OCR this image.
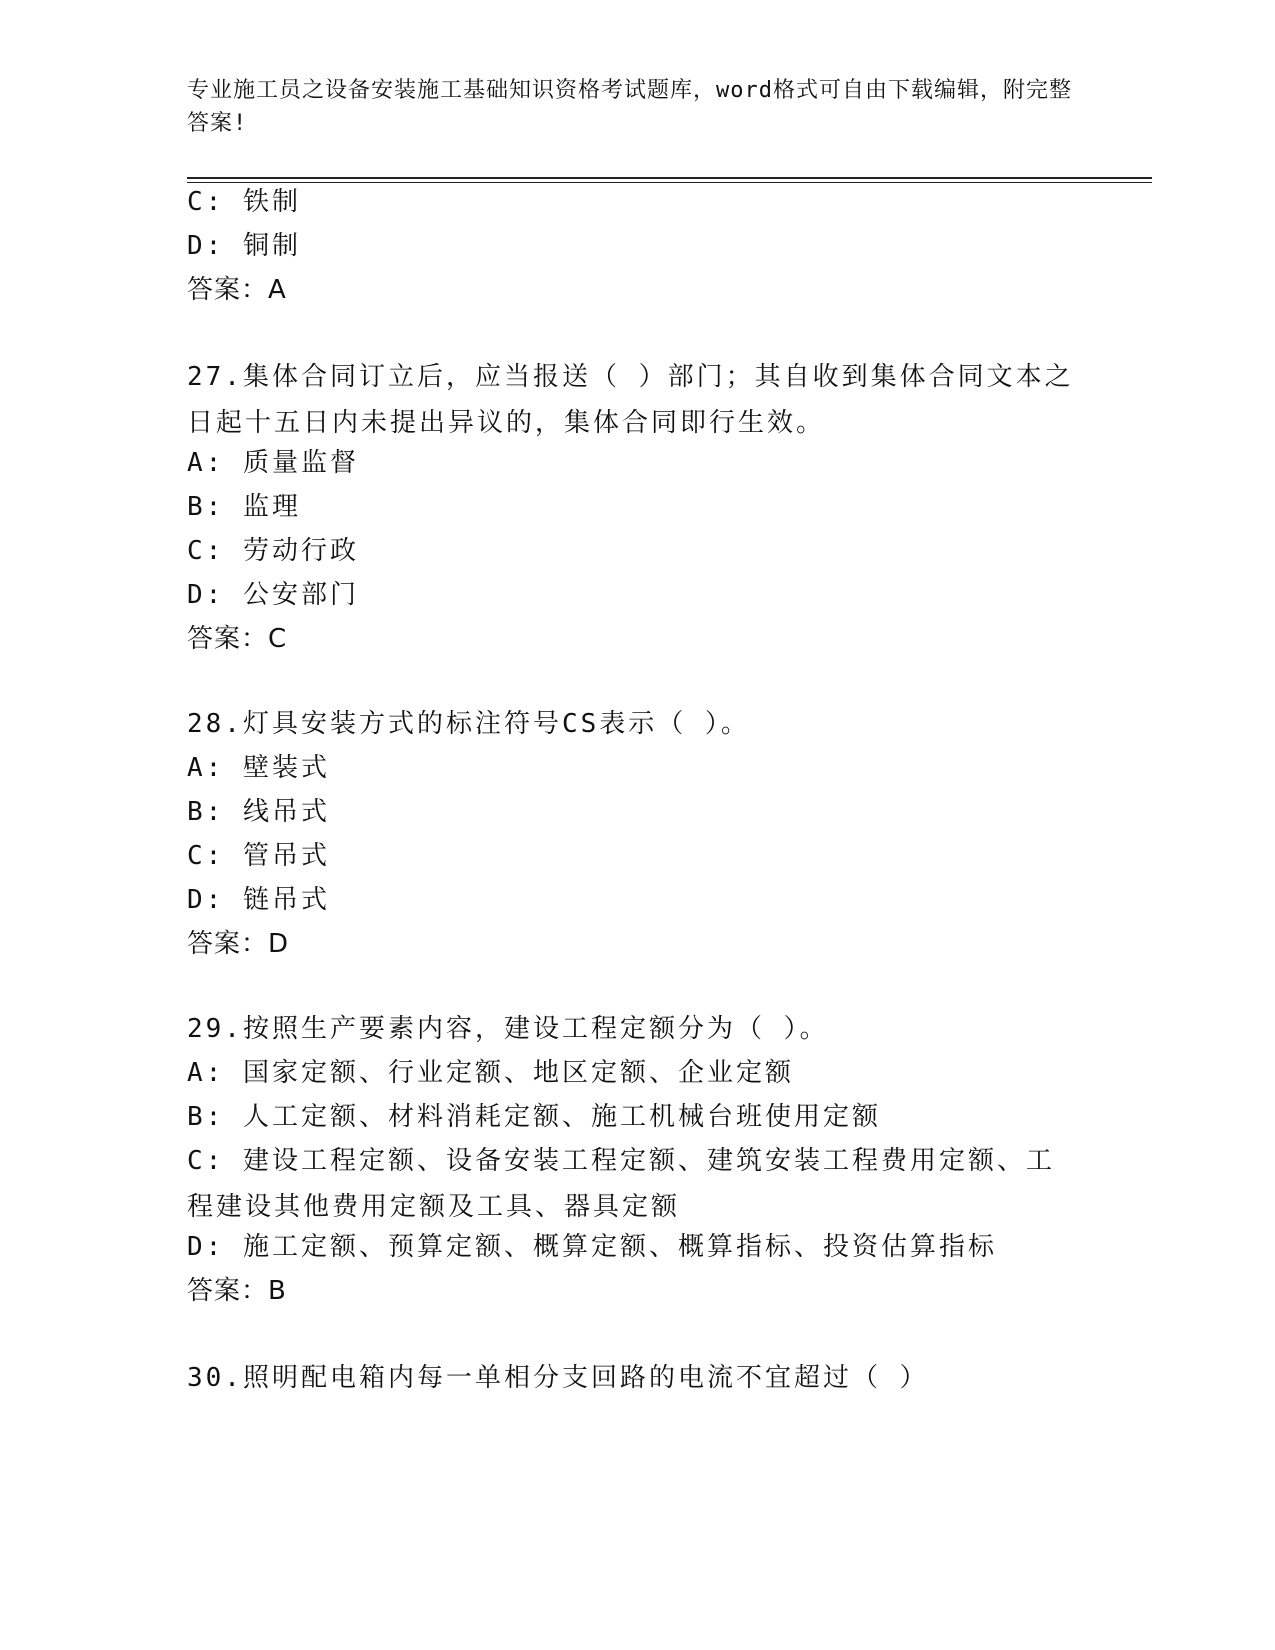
专业施工员之设备安装施工基础知识资格考试题库，word格式可自由下载编辑，附完整答案!
C: 铁制
D: 铜制
答案：A
27.集体合同订立后，应当报送（ ）部门；其自收到集体合同文本之日起十五日内未提出异议的，集体合同即行生效。
A: 质量监督
B: 监理
C: 劳动行政
D: 公安部门
答案：C
28.灯具安装方式的标注符号CS表示（ ）。
A: 壁装式
B: 线吊式
C: 管吊式
D: 链吊式
答案：D
29.按照生产要素内容，建设工程定额分为（ ）。
A: 国家定额、行业定额、地区定额、企业定额
B: 人工定额、材料消耗定额、施工机械台班使用定额
C: 建设工程定额、设备安装工程定额、建筑安装工程费用定额、工程建设其他费用定额及工具、器具定额
D: 施工定额、预算定额、概算定额、概算指标、投资估算指标
答案：B
30.照明配电箱内每一单相分支回路的电流不宜超过（ ）
